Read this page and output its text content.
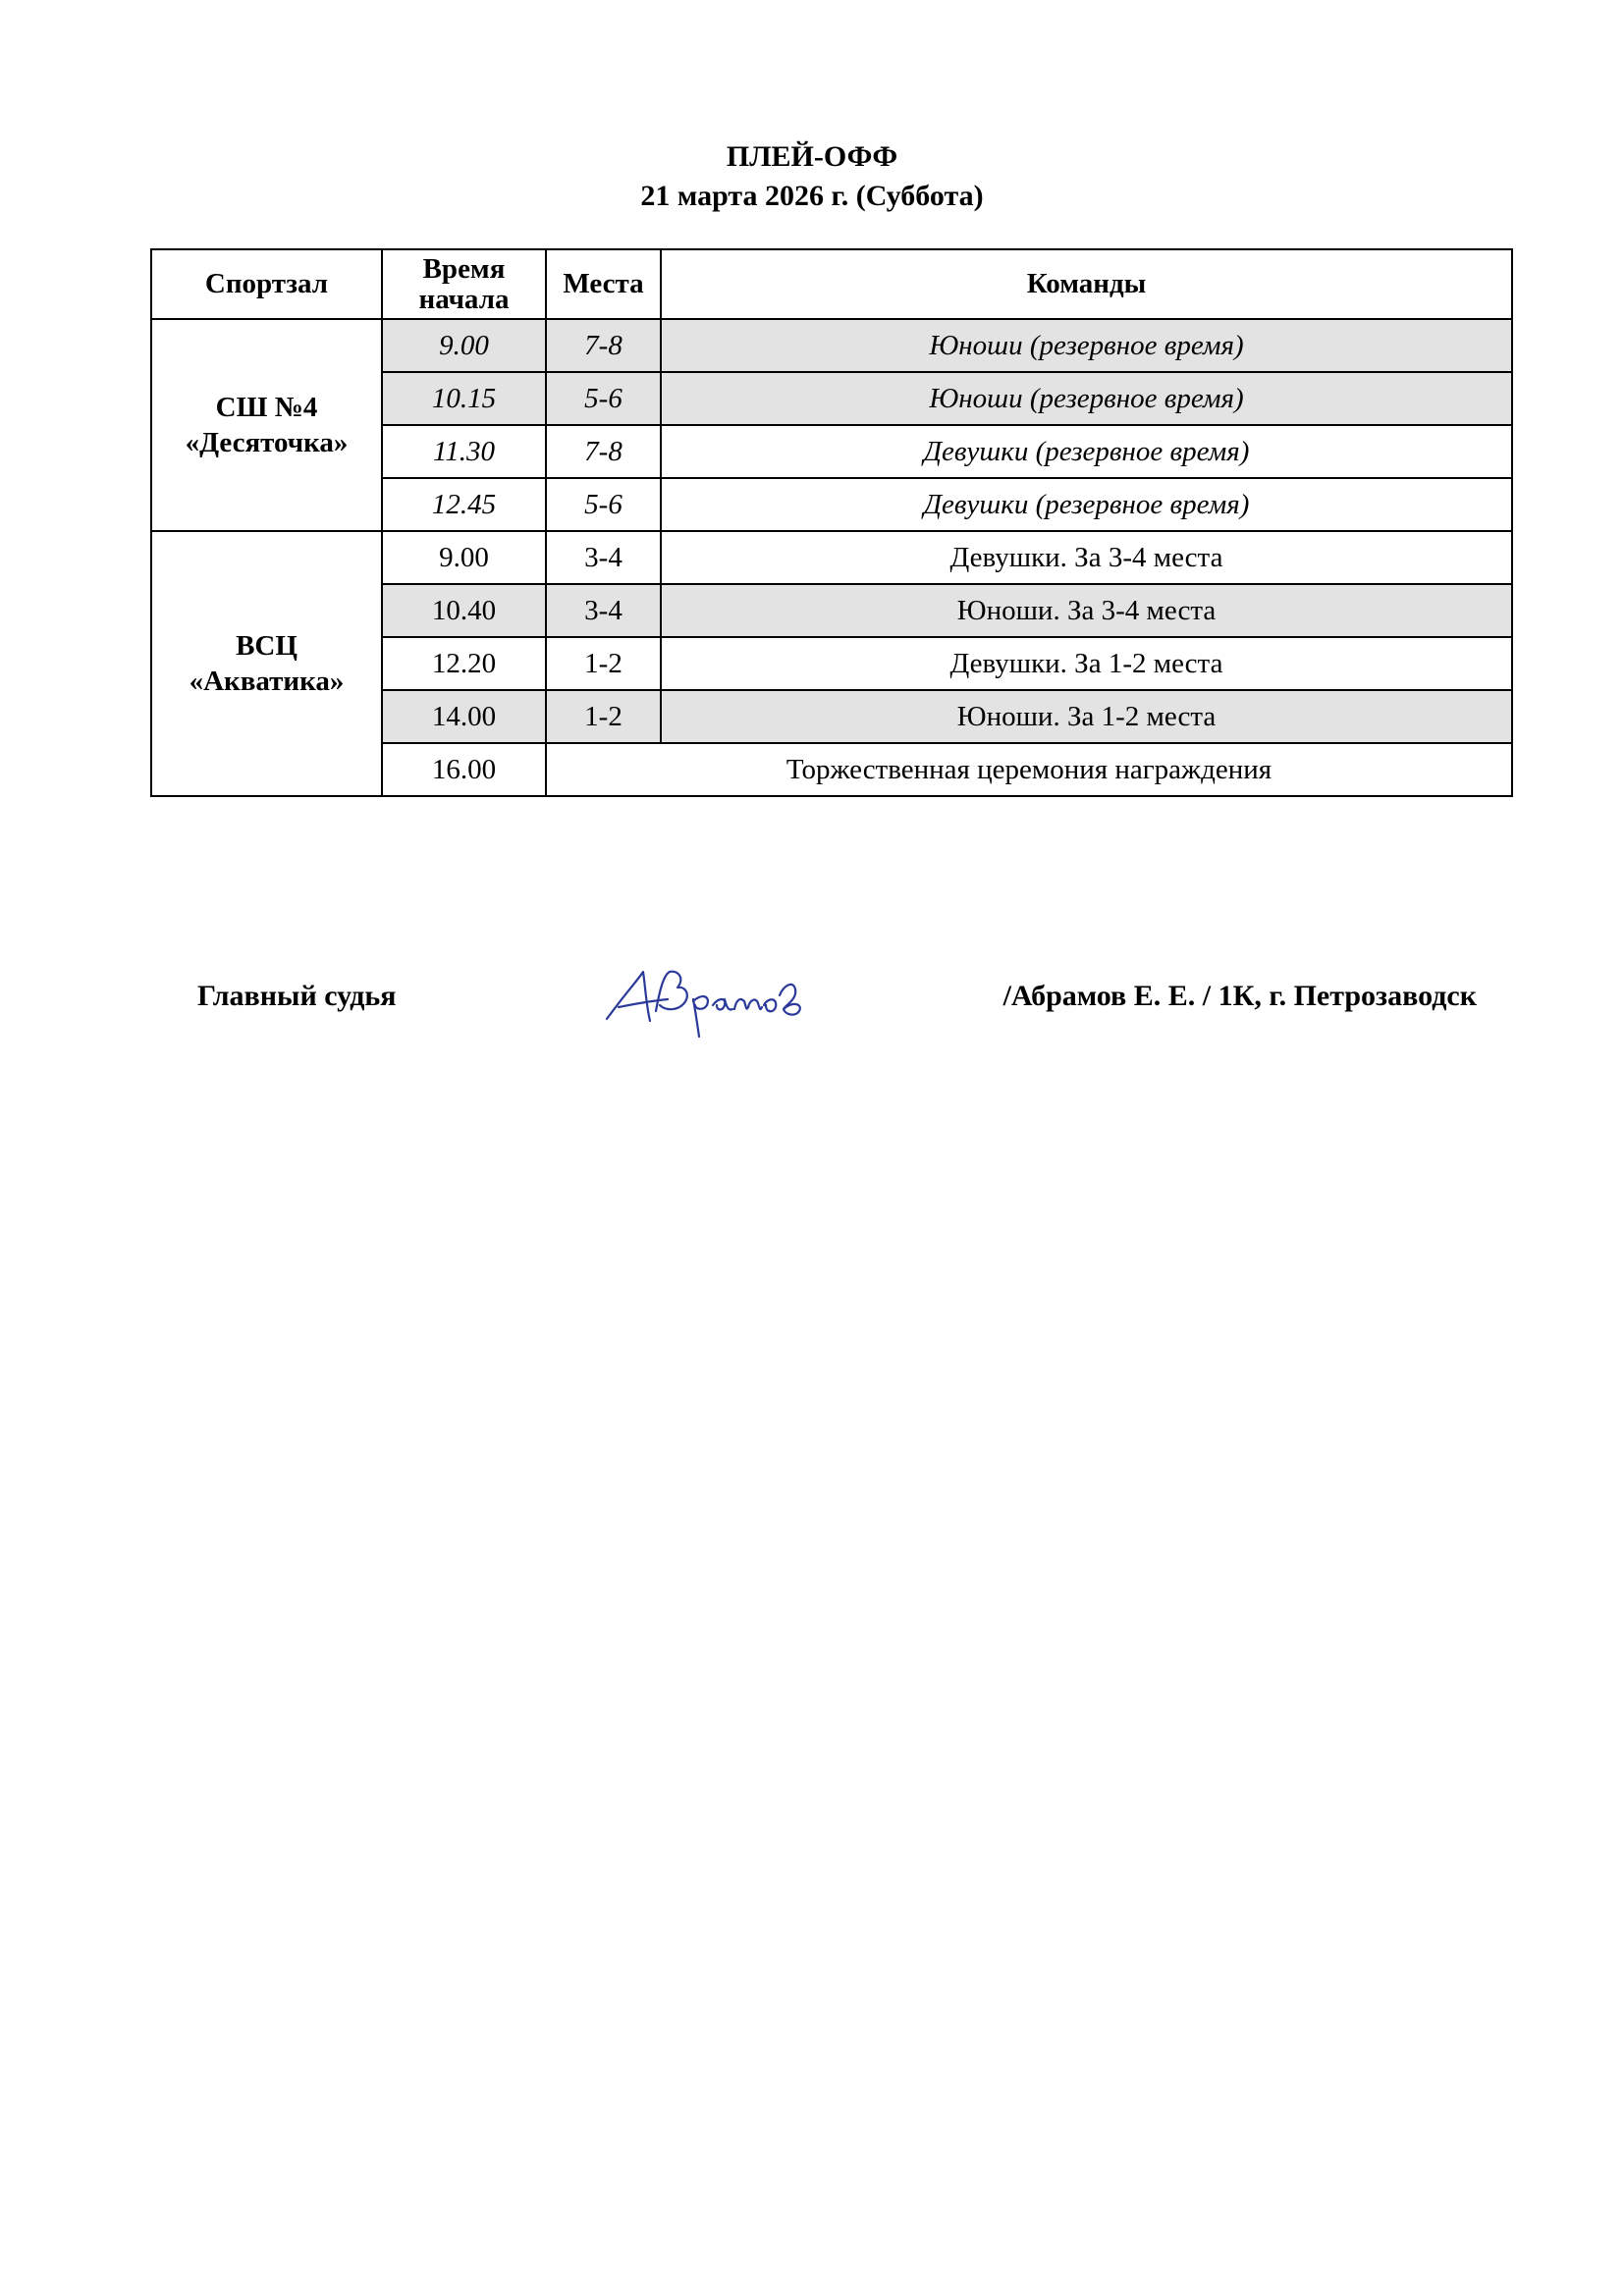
ПЛЕЙ-ОФФ
21 марта 2026 г. (Суббота)
Спортзал	Время начала	Места	Команды
СШ №4
«Десяточка»	9.00	7-8	Юноши (резервное время)
	10.15	5-6	Юноши (резервное время)
	11.30	7-8	Девушки (резервное время)
	12.45	5-6	Девушки (резервное время)
ВСЦ
«Акватика»	9.00	3-4	Девушки. За 3-4 места
	10.40	3-4	Юноши. За 3-4 места
	12.20	1-2	Девушки. За 1-2 места
	14.00	1-2	Юноши. За 1-2 места
	16.00	Торжественная церемония награждения	
Главный судья	/Абрамов Е. Е. / 1К, г. Петрозаводск
